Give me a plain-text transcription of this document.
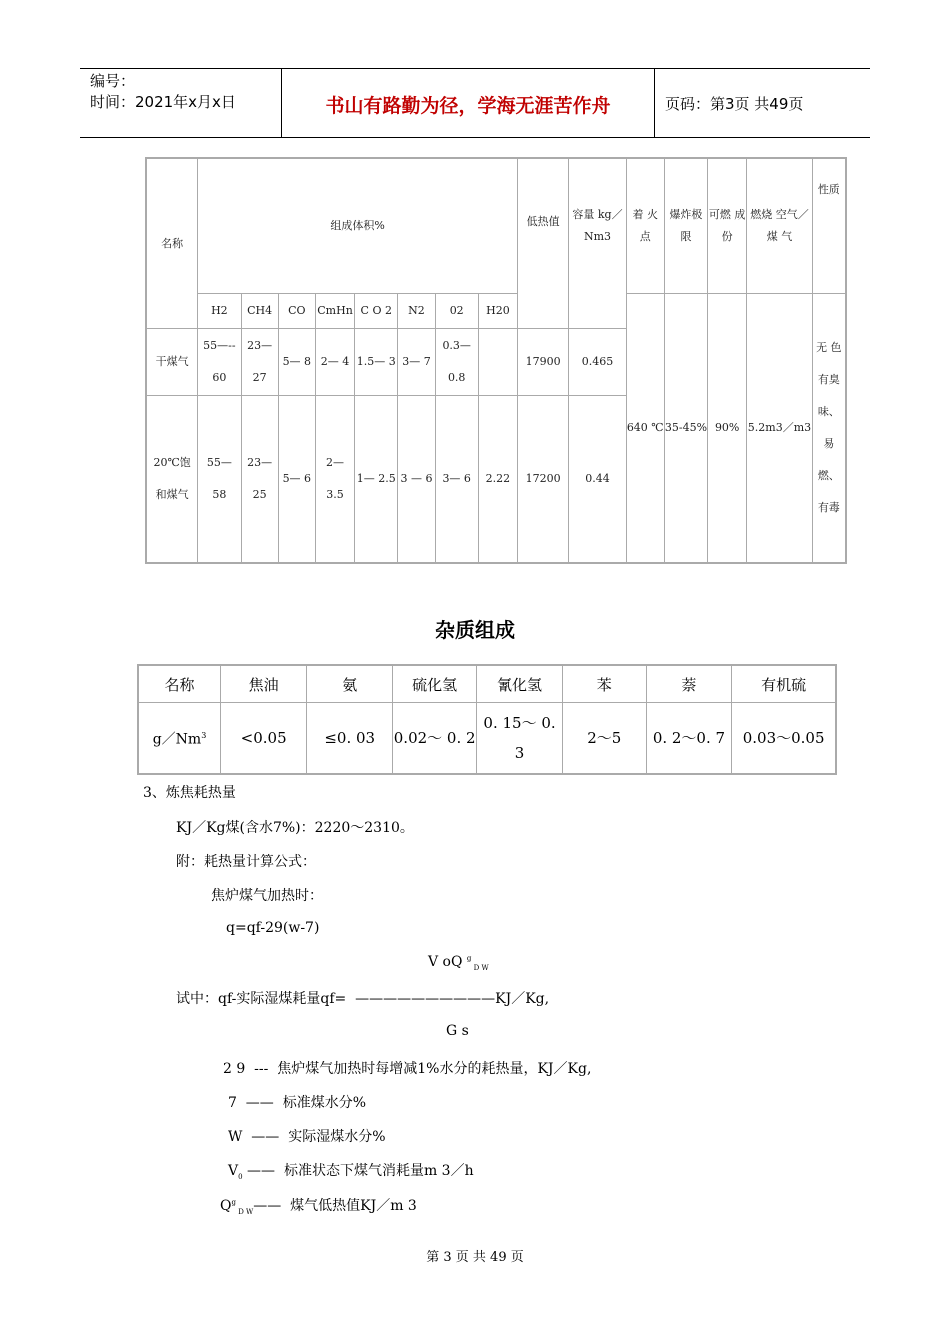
编号：
时间：2021年x月x日	书山有路勤为径，学海无涯苦作舟	页码：第3页 共49页
名称	组成体积%								低热值	容量 kg／Nm3	着 火 点	爆炸极 限	可燃 成份	燃烧 空气／煤 气	性质
	H2	CH4	CO	CmHn	C O 2	N2	02	H20			640 ℃	35-45%	90%	5.2m3／m3	无 色 有臭 味、 易 燃、 有毒
干煤气	55—-- 60	23— 27	5— 8	2— 4	1.5— 3	3— 7	0.3— 0.8		17900	0.465					
20℃饱 和煤气	55— 58	23— 25	5— 6	2— 3.5	1— 2.5	3 — 6	3— 6	2.22	17200	0.44					
杂质组成
名称	焦油	氨	硫化氢	氰化氢	苯	萘	有机硫
$g/Nm^3$	<0.05	≤0. 03	0.02～ 0. 2	0. 15～ 0. 3	2～5	0. 2～0. 7	0.03～0.05
3、炼焦耗热量
KJ／Kg煤(含水7%)：2220～2310。
附：耗热量计算公式：
焦炉煤气加热时：
q=qf-29(w-7)
V oQ $^g$ $_{D W}$
试中：qf-实际湿煤耗量qf=  ——————————KJ／Kg,
G s
2 9  ---  焦炉煤气加热时每增减1%水分的耗热量，KJ／Kg,
7  ——  标准煤水分%
W  ——  实际湿煤水分%
$V_0$ ——  标准状态下煤气消耗量m 3／h
$Q^g$ $_{D W}$——  煤气低热值KJ／m 3
第 3 页 共 49 页
